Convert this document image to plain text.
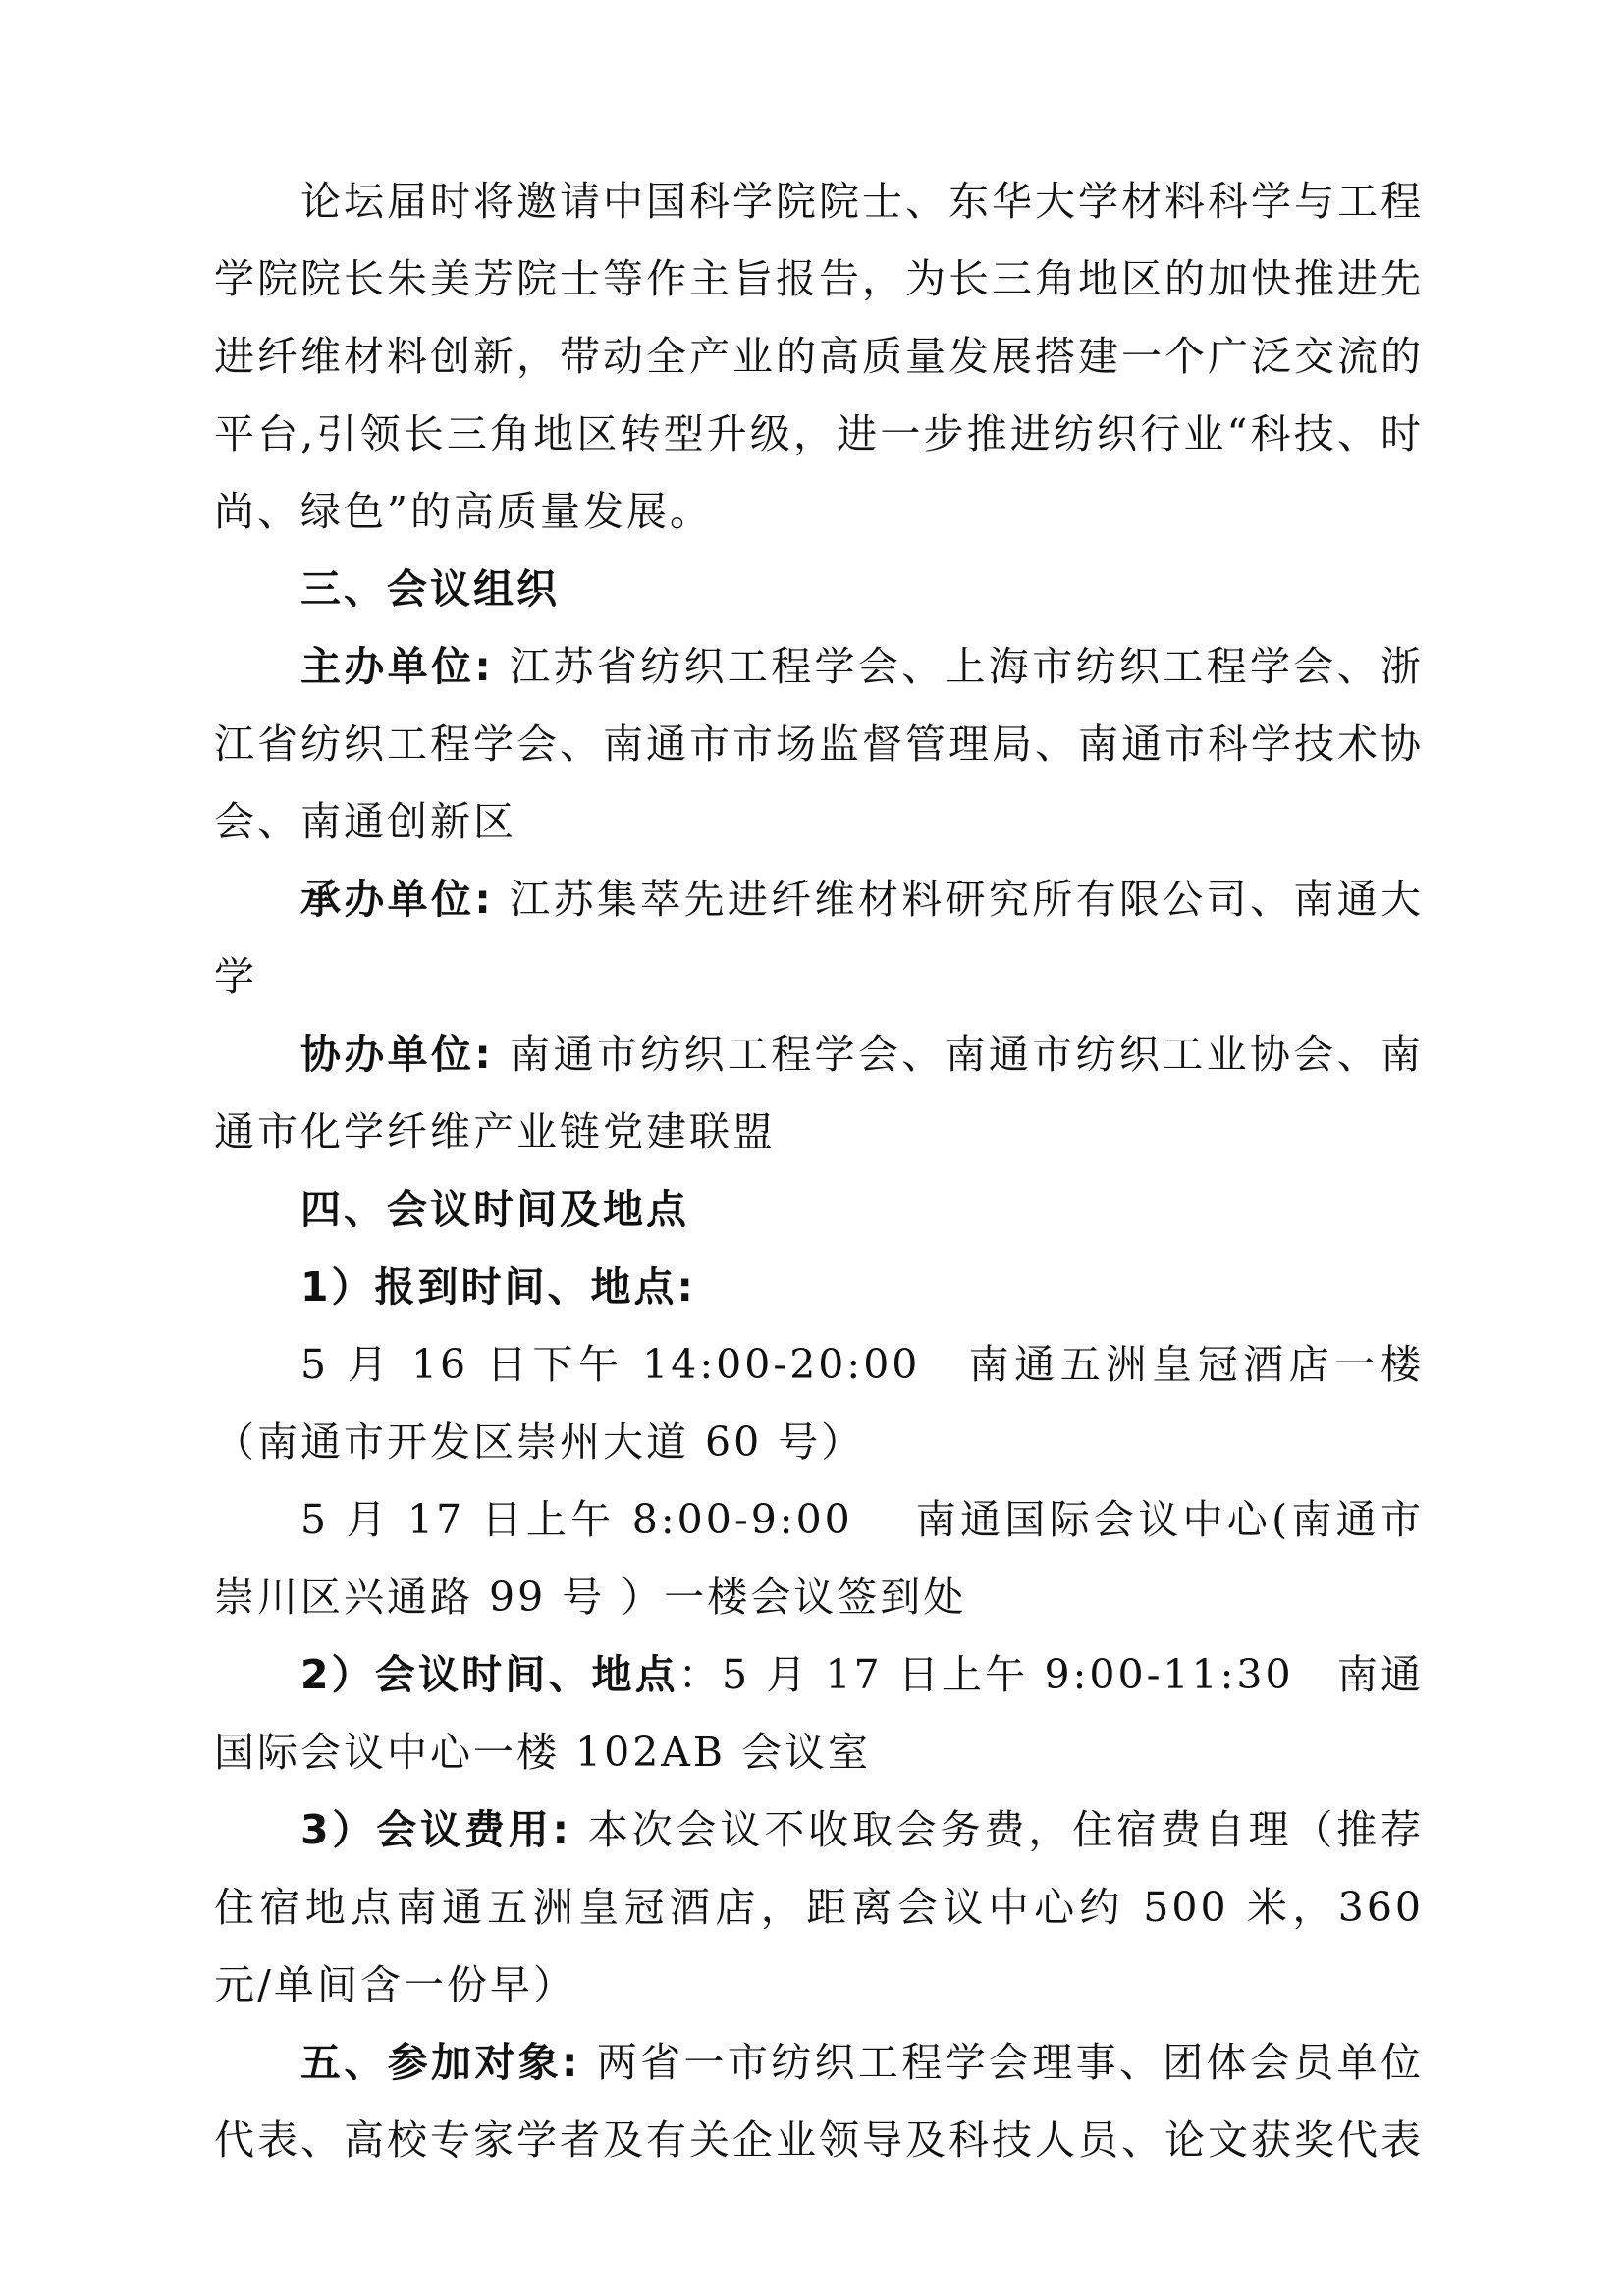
论坛届时将邀请中国科学院院士、东华大学材料科学与工程学院院长朱美芳院士等作主旨报告，为长三角地区的加快推进先进纤维材料创新，带动全产业的高质量发展搭建一个广泛交流的平台,引领长三角地区转型升级，进一步推进纺织行业“科技、时尚、绿色”的高质量发展。

三、会议组织

主办单位: 江苏省纺织工程学会、上海市纺织工程学会、浙江省纺织工程学会、南通市市场监督管理局、南通市科学技术协会、南通创新区

承办单位: 江苏集萃先进纤维材料研究所有限公司、南通大学

协办单位: 南通市纺织工程学会、南通市纺织工业协会、南通市化学纤维产业链党建联盟

四、会议时间及地点

1）报到时间、地点:

5 月 16 日下午 14:00-20:00　南通五洲皇冠酒店一楼（南通市开发区崇州大道 60 号）

5 月 17 日上午 8:00-9:00　 南通国际会议中心(南通市崇川区兴通路 99 号 ）一楼会议签到处

2）会议时间、地点：5 月 17 日上午 9:00-11:30　南通国际会议中心一楼 102AB 会议室

3）会议费用: 本次会议不收取会务费，住宿费自理（推荐住宿地点南通五洲皇冠酒店，距离会议中心约 500 米，360 元/单间含一份早）

五、参加对象: 两省一市纺织工程学会理事、团体会员单位代表、高校专家学者及有关企业领导及科技人员、论文获奖代表
